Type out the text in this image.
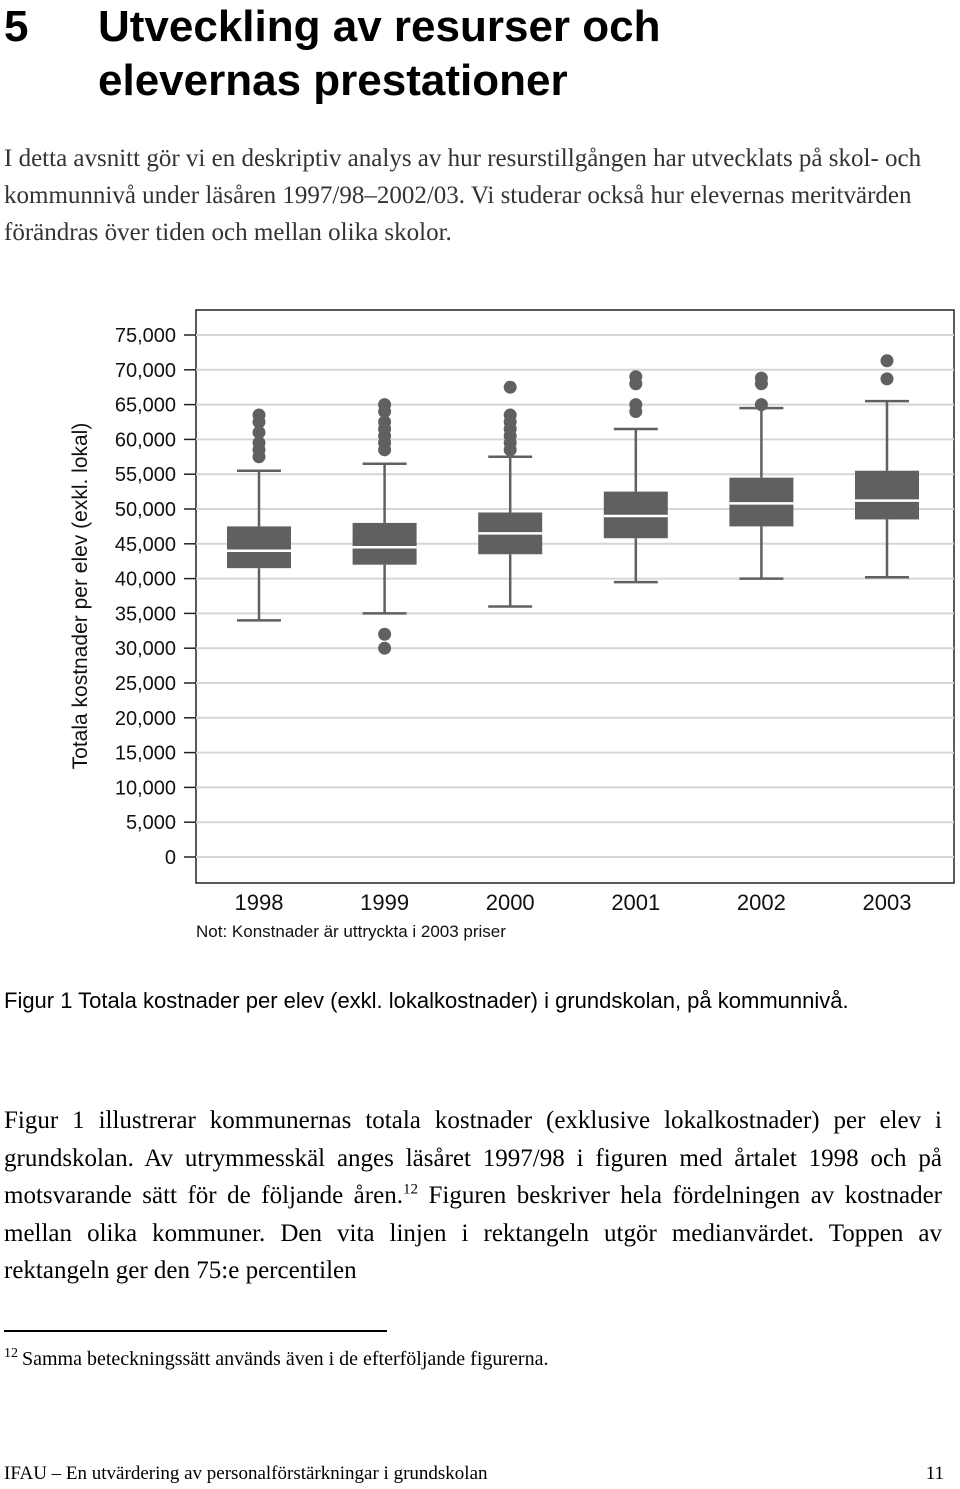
5 Utveckling av resurser och elevernas prestationer

I detta avsnitt gör vi en deskriptiv analys av hur resurstillgången har utvecklats på skol- och kommunnivå under läsåren 1997/98–2002/03. Vi studerar också hur elevernas meritvärden förändras över tiden och mellan olika skolor.

0
5,000
10,000
15,000
20,000
25,000
30,000
35,000
40,000
45,000
50,000
55,000
60,000
65,000
70,000
75,000
Totala kostnader per elev (exkl. lokal)
1998	1999	2000	2001	2002	2003
Not: Konstnader är uttryckta i 2003 priser
Figur 1 Totala kostnader per elev (exkl. lokalkostnader) i grundskolan, på kommunnivå.

Figur 1 illustrerar kommunernas totala kostnader (exklusive lokalkostnader) per elev i grundskolan. Av utrymmesskäl anges läsåret 1997/98 i figuren med årtalet 1998 och på motsvarande sätt för de följande åren.$^{12}$ Figuren beskriver hela fördelningen av kostnader mellan olika kommuner. Den vita linjen i rektangeln utgör medianvärdet. Toppen av rektangeln ger den 75:e percentilen

$^{12}$ Samma beteckningssätt används även i de efterföljande figurerna.
IFAU – En utvärdering av personalförstärkningar i grundskolan	11
